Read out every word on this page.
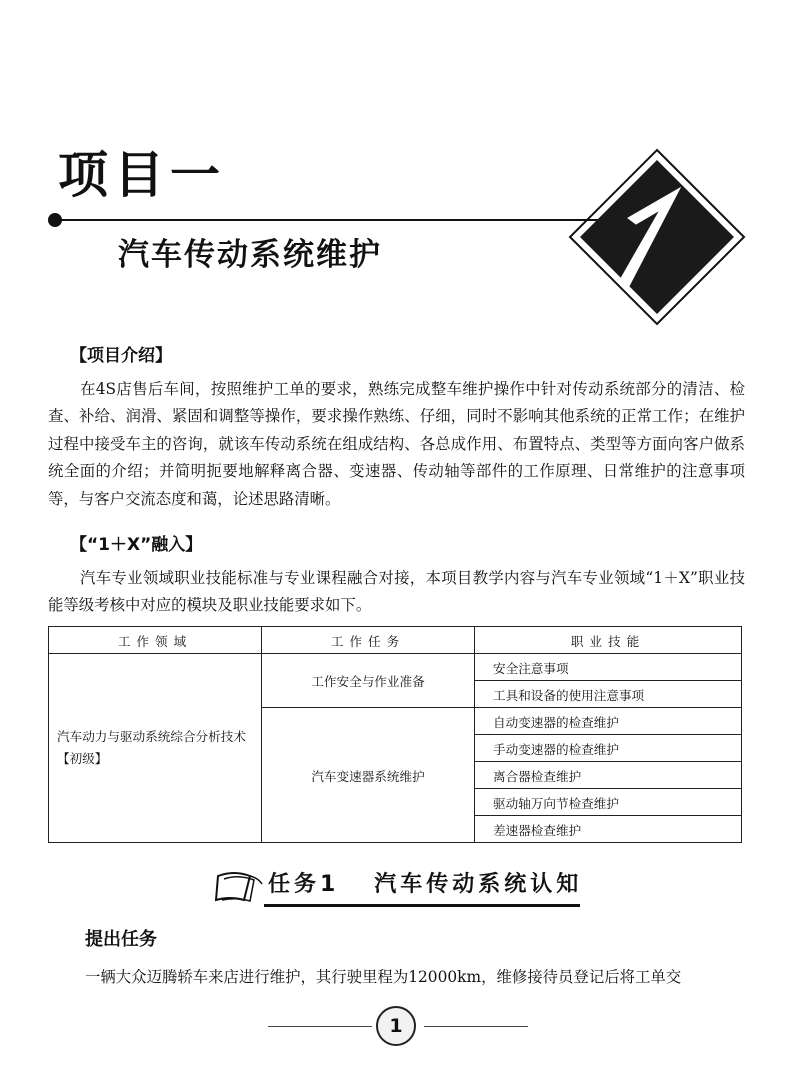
项目一
汽车传动系统维护
【项目介绍】
在4S店售后车间，按照维护工单的要求，熟练完成整车维护操作中针对传动系统部分的清洁、检查、补给、润滑、紧固和调整等操作，要求操作熟练、仔细，同时不影响其他系统的正常工作；在维护过程中接受车主的咨询，就该车传动系统在组成结构、各总成作用、布置特点、类型等方面向客户做系统全面的介绍；并简明扼要地解释离合器、变速器、传动轴等部件的工作原理、日常维护的注意事项等，与客户交流态度和蔼，论述思路清晰。
【“1＋X”融入】
汽车专业领域职业技能标准与专业课程融合对接，本项目教学内容与汽车专业领域“1＋X”职业技能等级考核中对应的模块及职业技能要求如下。
工作领域	工作任务	职业技能
汽车动力与驱动系统综合分析技术【初级】	工作安全与作业准备	安全注意事项
		工具和设备的使用注意事项
	汽车变速器系统维护	自动变速器的检查维护
		手动变速器的检查维护
		离合器检查维护
		驱动轴万向节检查维护
		差速器检查维护
任务1   汽车传动系统认知
提出任务
一辆大众迈腾轿车来店进行维护，其行驶里程为12000km，维修接待员登记后将工单交
1
